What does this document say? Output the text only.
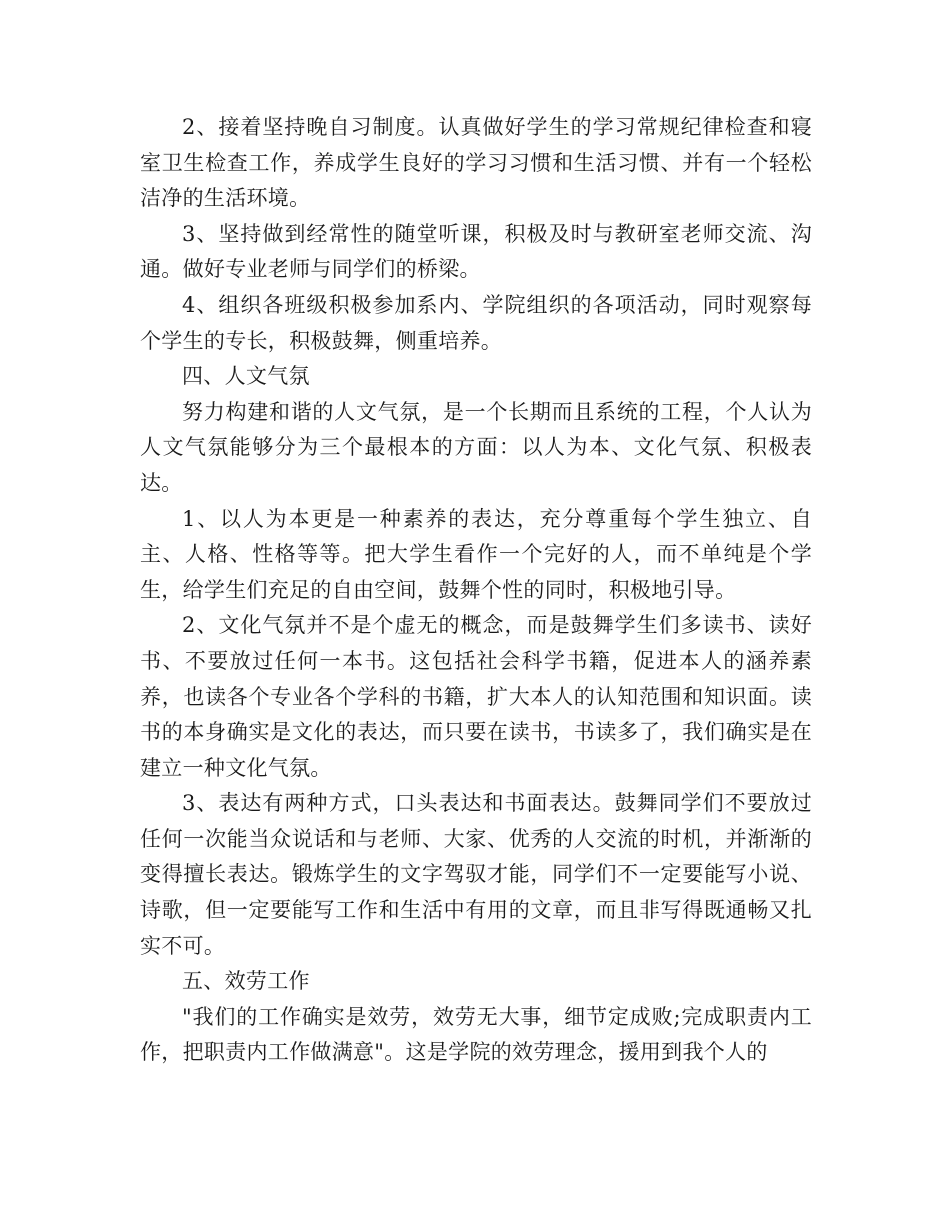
2、接着坚持晚自习制度。认真做好学生的学习常规纪律检查和寝室卫生检查工作，养成学生良好的学习习惯和生活习惯、并有一个轻松洁净的生活环境。

3、坚持做到经常性的随堂听课，积极及时与教研室老师交流、沟通。做好专业老师与同学们的桥梁。

4、组织各班级积极参加系内、学院组织的各项活动，同时观察每个学生的专长，积极鼓舞，侧重培养。

四、人文气氛

努力构建和谐的人文气氛，是一个长期而且系统的工程，个人认为人文气氛能够分为三个最根本的方面：以人为本、文化气氛、积极表达。

1、以人为本更是一种素养的表达，充分尊重每个学生独立、自主、人格、性格等等。把大学生看作一个完好的人，而不单纯是个学生，给学生们充足的自由空间，鼓舞个性的同时，积极地引导。

2、文化气氛并不是个虚无的概念，而是鼓舞学生们多读书、读好书、不要放过任何一本书。这包括社会科学书籍，促进本人的涵养素养，也读各个专业各个学科的书籍，扩大本人的认知范围和知识面。读书的本身确实是文化的表达，而只要在读书，书读多了，我们确实是在建立一种文化气氛。

3、表达有两种方式，口头表达和书面表达。鼓舞同学们不要放过任何一次能当众说话和与老师、大家、优秀的人交流的时机，并渐渐的变得擅长表达。锻炼学生的文字驾驭才能，同学们不一定要能写小说、诗歌，但一定要能写工作和生活中有用的文章，而且非写得既通畅又扎实不可。

五、效劳工作

"我们的工作确实是效劳，效劳无大事，细节定成败;完成职责内工作，把职责内工作做满意"。这是学院的效劳理念，援用到我个人的
